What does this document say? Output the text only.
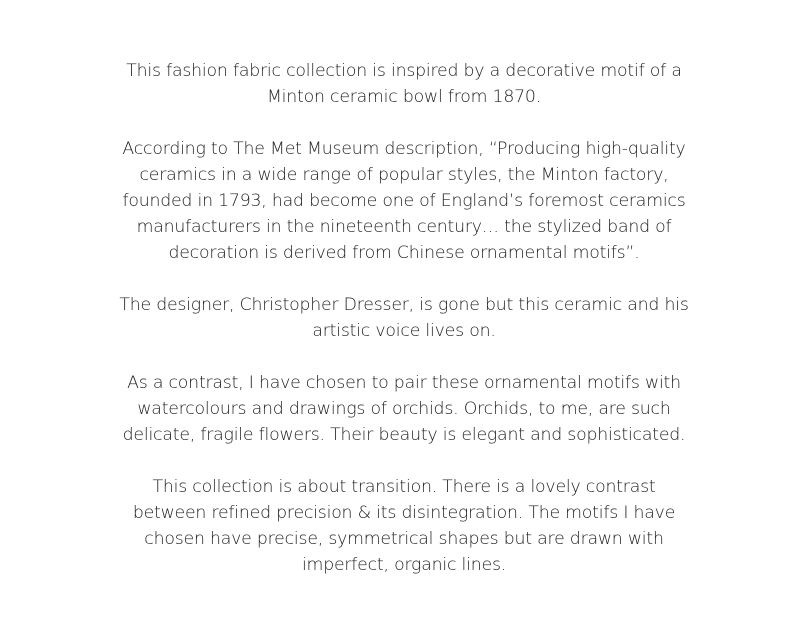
This fashion fabric collection is inspired by a decorative motif of a Minton ceramic bowl from 1870.

According to The Met Museum description, “Producing high-quality ceramics in a wide range of popular styles, the Minton factory, founded in 1793, had become one of England’s foremost ceramics manufacturers in the nineteenth century… the stylized band of decoration is derived from Chinese ornamental motifs”.

The designer, Christopher Dresser, is gone but this ceramic and his artistic voice lives on.

As a contrast, I have chosen to pair these ornamental motifs with watercolours and drawings of orchids. Orchids, to me, are such delicate, fragile flowers. Their beauty is elegant and sophisticated.

This collection is about transition. There is a lovely contrast between refined precision & its disintegration. The motifs I have chosen have precise, symmetrical shapes but are drawn with imperfect, organic lines.
